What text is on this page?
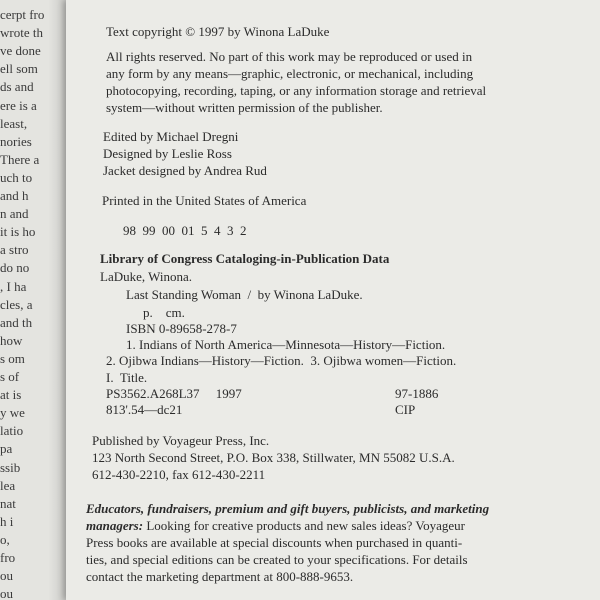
cerpt fro
wrote th
ve done
ell som
ds and
ere is a
least,
nories
There a
uch to
and h
n and
it is ho
a stro
do no
, I ha
cles, a
and th
how
s om
s of
at is
y we
latio
pa
ssib
lea
nat
h i
o,
fro
ou
ou
Text copyright © 1997 by Winona LaDuke
All rights reserved. No part of this work may be reproduced or used in
any form by any means—graphic, electronic, or mechanical, including
photocopying, recording, taping, or any information storage and retrieval
system—without written permission of the publisher.
Edited by Michael Dregni
Designed by Leslie Ross
Jacket designed by Andrea Rud
Printed in the United States of America
98  99  00  01  5  4  3  2
Library of Congress Cataloging-in-Publication Data
LaDuke, Winona.
Last Standing Woman  /  by Winona LaDuke.
p.    cm.
ISBN 0-89658-278-7
1. Indians of North America—Minnesota—History—Fiction.
2. Ojibwa Indians—History—Fiction.  3. Ojibwa women—Fiction.
I.  Title.
PS3562.A268L37     1997
813'.54—dc21
97-1886
CIP
Published by Voyageur Press, Inc.
123 North Second Street, P.O. Box 338, Stillwater, MN 55082 U.S.A.
612-430-2210, fax 612-430-2211
Educators, fundraisers, premium and gift buyers, publicists, and marketing
managers: Looking for creative products and new sales ideas? Voyageur
Press books are available at special discounts when purchased in quanti-
ties, and special editions can be created to your specifications. For details
contact the marketing department at 800-888-9653.
